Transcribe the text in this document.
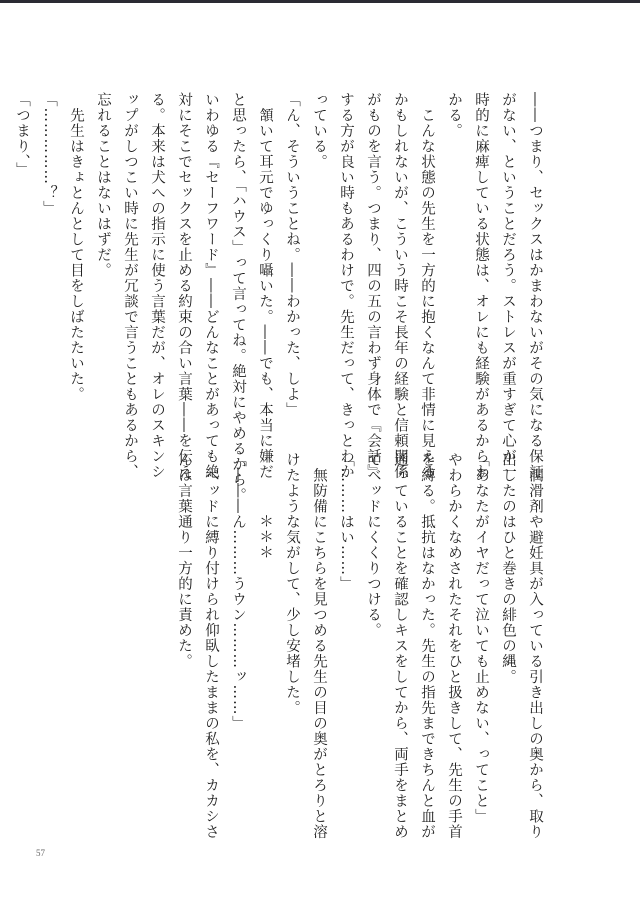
――つまり、セックスはかまわないがその気になる保証

がない、ということだろう。ストレスが重すぎて心が一

時的に麻痺している状態は、オレにも経験があるからわ

かる。

　こんな状態の先生を一方的に抱くなんて非情に見える

かもしれないが、こういう時こそ長年の経験と信頼関係

がものを言う。つまり、四の五の言わず身体で『会話』

する方が良い時もあるわけで。先生だって、きっとわか

っている。

「ん、そういうことね。――わかった、しよ」

　頷いて耳元でゆっくり囁いた。――でも、本当に嫌だ

と思ったら、「ハウス」って言ってね。絶対にやめるから。

いわゆる『セーフワード』――どんなことがあっても絶

対にそこでセックスを止める約束の合い言葉――を伝え

る。本来は犬への指示に使う言葉だが、オレのスキンシ

ップがしつこい時に先生が冗談で言うこともあるから、

忘れることはないはずだ。

　先生はきょとんとして目をしばたたいた。

「……………？」

「つまり、」

　潤滑剤や避妊具が入っている引き出しの奥から、取り

出したのはひと巻きの緋色の縄。

「あなたがイヤだって泣いても止めない、ってこと」

やわらかくなめされたそれをひと扱きして、先生の手首

を縛る。抵抗はなかった。先生の指先まできちんと血が

通っていることを確認しキスをしてから、両手をまとめ

てベッドにくくりつける。

「………はい……」

　無防備にこちらを見つめる先生の目の奥がとろりと溶

けたような気がして、少し安堵した。

　　　　＊＊＊

「―――ん………うウン………ッ……」

　ベッドに縛り付けられ仰臥したままの私を、カカシさ

んは言葉通り一方的に責めた。

57
